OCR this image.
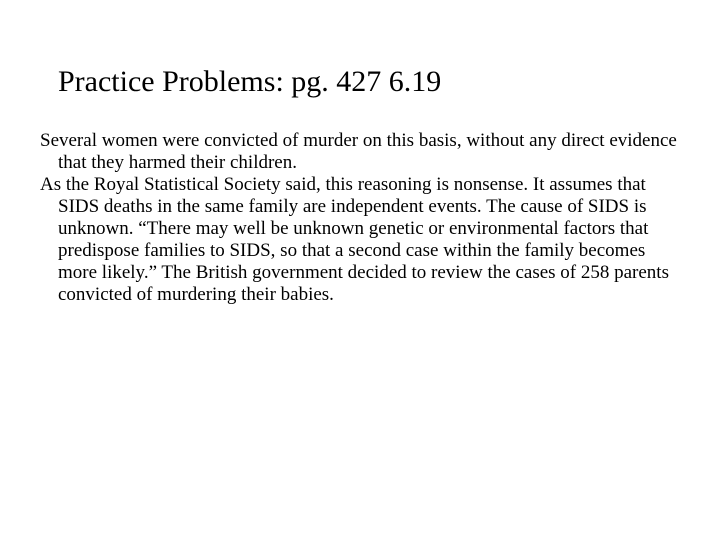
Practice Problems: pg. 427 6.19

Several women were convicted of murder on this basis, without any direct evidence that they harmed their children.

As the Royal Statistical Society said, this reasoning is nonsense. It assumes that SIDS deaths in the same family are independent events. The cause of SIDS is unknown. “There may well be unknown genetic or environmental factors that predispose families to SIDS, so that a second case within the family becomes more likely.” The British government decided to review the cases of 258 parents convicted of murdering their babies.
